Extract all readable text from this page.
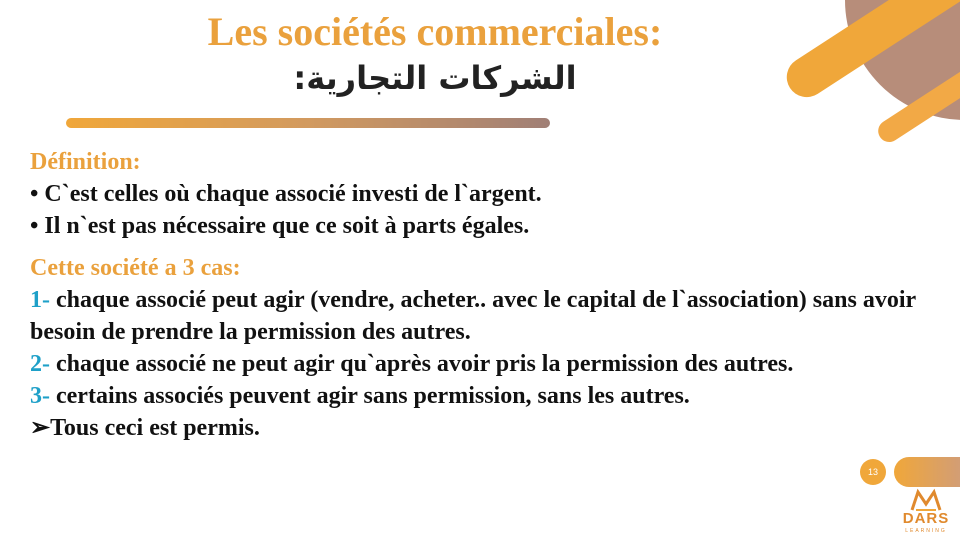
Les sociétés commerciales:
الشركات التجارية:

Définition:

• C`est celles où chaque associé investi de l`argent.

• Il n`est pas nécessaire que ce soit à parts égales.

Cette société a 3 cas:

1- chaque associé peut agir (vendre, acheter.. avec le capital de l`association) sans avoir besoin de prendre la permission des autres.

2- chaque associé ne peut agir qu`après avoir pris la permission des autres.

3- certains associés peuvent agir sans permission, sans les autres.

➢Tous ceci est permis.

13
DARS
LEARNING
